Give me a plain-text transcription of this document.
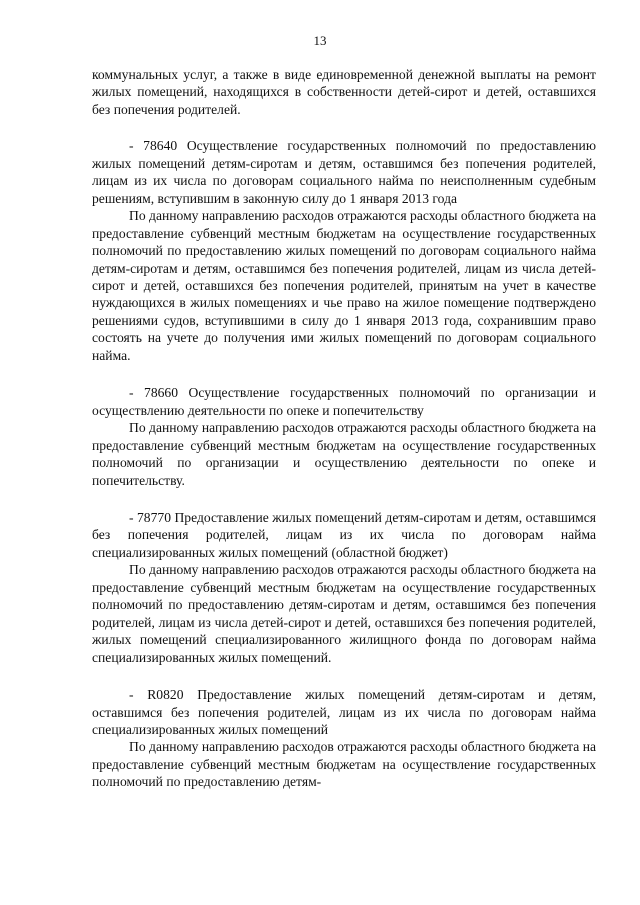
13

коммунальных услуг, а также в виде единовременной денежной выплаты на ремонт жилых помещений, находящихся в собственности детей-сирот и детей, оставшихся без попечения родителей.

- 78640 Осуществление государственных полномочий по предоставлению жилых помещений детям-сиротам и детям, оставшимся без попечения родителей, лицам из их числа по договорам социального найма по неисполненным судебным решениям, вступившим в законную силу до 1 января 2013 года

По данному направлению расходов отражаются расходы областного бюджета на предоставление субвенций местным бюджетам на осуществление государственных полномочий по предоставлению жилых помещений по договорам социального найма детям-сиротам и детям, оставшимся без попечения родителей, лицам из числа детей-сирот и детей, оставшихся без попечения родителей, принятым на учет в качестве нуждающихся в жилых помещениях и чье право на жилое помещение подтверждено решениями судов, вступившими в силу до 1 января 2013 года, сохранившим право состоять на учете до получения ими жилых помещений по договорам социального найма.

- 78660 Осуществление государственных полномочий по организации и осуществлению деятельности по опеке и попечительству

По данному направлению расходов отражаются расходы областного бюджета на предоставление субвенций местным бюджетам на осуществление государственных полномочий по организации и осуществлению деятельности по опеке и попечительству.

- 78770 Предоставление жилых помещений детям-сиротам и детям, оставшимся без попечения родителей, лицам из их числа по договорам найма специализированных жилых помещений (областной бюджет)

По данному направлению расходов отражаются расходы областного бюджета на предоставление субвенций местным бюджетам на осуществление государственных полномочий по предоставлению детям-сиротам и детям, оставшимся без попечения родителей, лицам из числа детей-сирот и детей, оставшихся без попечения родителей, жилых помещений специализированного жилищного фонда по договорам найма специализированных жилых помещений.

- R0820 Предоставление жилых помещений детям-сиротам и детям, оставшимся без попечения родителей, лицам из их числа по договорам найма специализированных жилых помещений

По данному направлению расходов отражаются расходы областного бюджета на предоставление субвенций местным бюджетам на осуществление государственных полномочий по предоставлению детям-
